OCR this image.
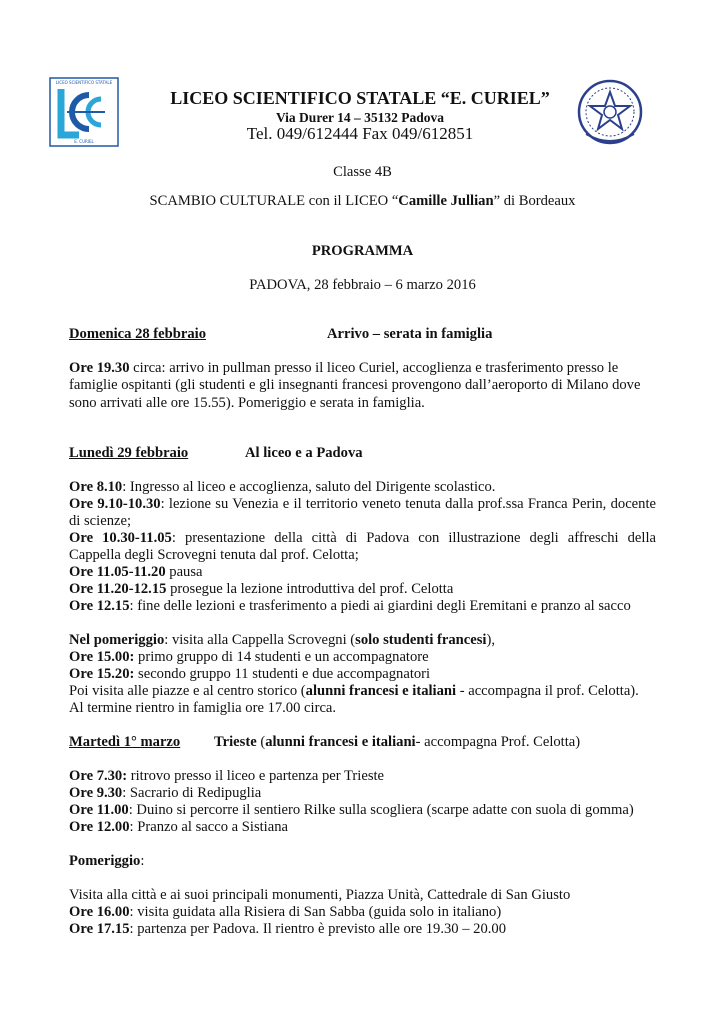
LICEO SCIENTIFICO STATALE
E. CURIEL
LICEO SCIENTIFICO STATALE “E. CURIEL”
Via Durer 14 – 35132 Padova
Tel. 049/612444 Fax 049/612851
Classe 4B
SCAMBIO CULTURALE con il LICEO “Camille Jullian” di Bordeaux
PROGRAMMA
PADOVA, 28 febbraio – 6 marzo 2016
Domenica 28 febbraio	Arrivo – serata in famiglia
Ore 19.30 circa: arrivo in pullman presso il liceo Curiel, accoglienza e trasferimento presso le
famiglie ospitanti (gli studenti e gli insegnanti francesi provengono dall’aeroporto di Milano dove
sono arrivati alle ore 15.55). Pomeriggio e serata in famiglia.
Lunedì 29 febbraio	Al liceo e a Padova
Ore 8.10: Ingresso al liceo e accoglienza, saluto del Dirigente scolastico.
Ore 9.10-10.30: lezione su Venezia e il territorio veneto tenuta dalla prof.ssa Franca Perin, docente
di scienze;
Ore 10.30-11.05: presentazione della città di Padova con illustrazione degli affreschi della
Cappella degli Scrovegni tenuta dal prof. Celotta;
Ore 11.05-11.20 pausa
Ore 11.20-12.15 prosegue la lezione introduttiva del prof. Celotta
Ore 12.15: fine delle lezioni e trasferimento a piedi ai giardini degli Eremitani e pranzo al sacco
Nel pomeriggio: visita alla Cappella Scrovegni (solo studenti francesi),
Ore 15.00: primo gruppo di 14 studenti e un accompagnatore
Ore 15.20: secondo gruppo 11 studenti e due accompagnatori
Poi visita alle piazze e al centro storico (alunni francesi e italiani - accompagna il prof. Celotta).
Al termine rientro in famiglia ore 17.00 circa.
Martedì 1° marzo Trieste (alunni francesi e italiani- accompagna Prof. Celotta)
Ore 7.30: ritrovo presso il liceo e partenza per Trieste
Ore 9.30: Sacrario di Redipuglia
Ore 11.00: Duino si percorre il sentiero Rilke sulla scogliera (scarpe adatte con suola di gomma)
Ore 12.00: Pranzo al sacco a Sistiana
Pomeriggio:
Visita alla città e ai suoi principali monumenti, Piazza Unità, Cattedrale di San Giusto
Ore 16.00: visita guidata alla Risiera di San Sabba (guida solo in italiano)
Ore 17.15: partenza per Padova. Il rientro è previsto alle ore 19.30 – 20.00
